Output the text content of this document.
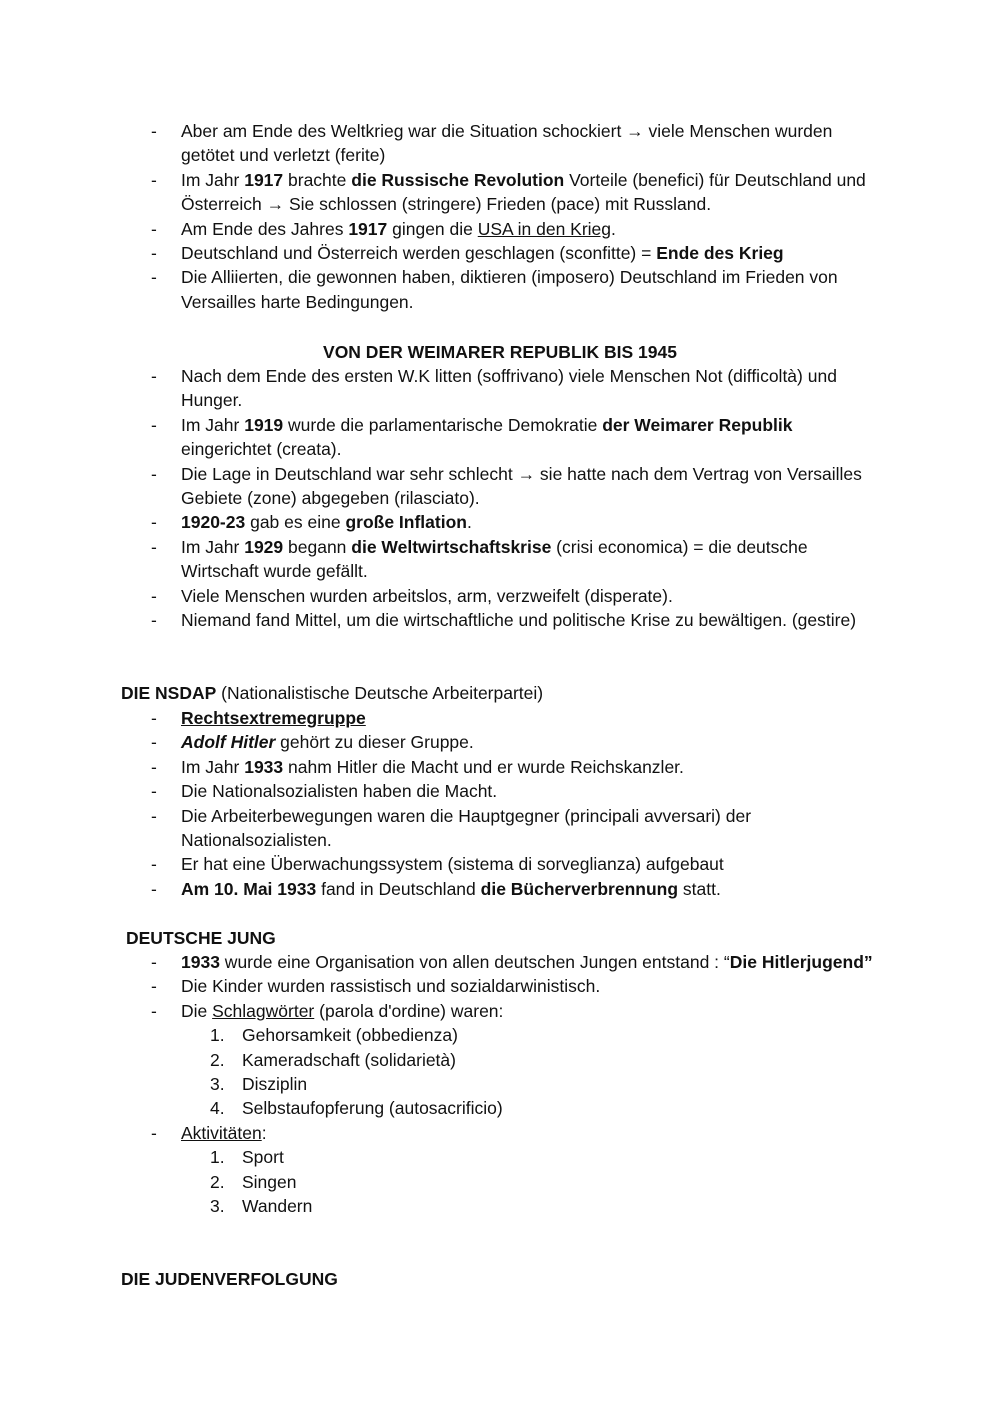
- Aber am Ende des Weltkrieg war die Situation schockiert → viele Menschen wurden getötet und verletzt (ferite)
- Im Jahr 1917 brachte die Russische Revolution Vorteile (benefici) für Deutschland und Österreich → Sie schlossen (stringere) Frieden (pace) mit Russland.
- Am Ende des Jahres 1917 gingen die USA in den Krieg.
- Deutschland und Österreich werden geschlagen (sconfitte) = Ende des Krieg
- Die Alliierten, die gewonnen haben, diktieren (imposero) Deutschland im Frieden von Versailles harte Bedingungen.
VON DER WEIMARER REPUBLIK BIS 1945
- Nach dem Ende des ersten W.K litten (soffrivano) viele Menschen Not (difficoltà) und Hunger.
- Im Jahr 1919 wurde die parlamentarische Demokratie der Weimarer Republik eingerichtet (creata).
- Die Lage in Deutschland war sehr schlecht → sie hatte nach dem Vertrag von Versailles Gebiete (zone) abgegeben (rilasciato).
- 1920-23 gab es eine große Inflation.
- Im Jahr 1929 begann die Weltwirtschaftskrise (crisi economica) = die deutsche Wirtschaft wurde gefällt.
- Viele Menschen wurden arbeitslos, arm, verzweifelt (disperate).
- Niemand fand Mittel, um die wirtschaftliche und politische Krise zu bewältigen. (gestire)
DIE NSDAP (Nationalistische Deutsche Arbeiterpartei)
- Rechtsextremegruppe
- Adolf Hitler gehört zu dieser Gruppe.
- Im Jahr 1933 nahm Hitler die Macht und er wurde Reichskanzler.
- Die Nationalsozialisten haben die Macht.
- Die Arbeiterbewegungen waren die Hauptgegner (principali avversari) der Nationalsozialisten.
- Er hat eine Überwachungssystem (sistema di sorveglianza) aufgebaut
- Am 10. Mai 1933 fand in Deutschland die Bücherverbrennung statt.
DEUTSCHE JUNG
- 1933 wurde eine Organisation von allen deutschen Jungen entstand : “Die Hitlerjugend”
- Die Kinder wurden rassistisch und sozialdarwinistisch.
- Die Schlagwörter (parola d'ordine) waren:
1. Gehorsamkeit (obbedienza)
2. Kameradschaft (solidarietà)
3. Disziplin
4. Selbstaufopferung (autosacrificio)
- Aktivitäten:
1. Sport
2. Singen
3. Wandern
DIE JUDENVERFOLGUNG
